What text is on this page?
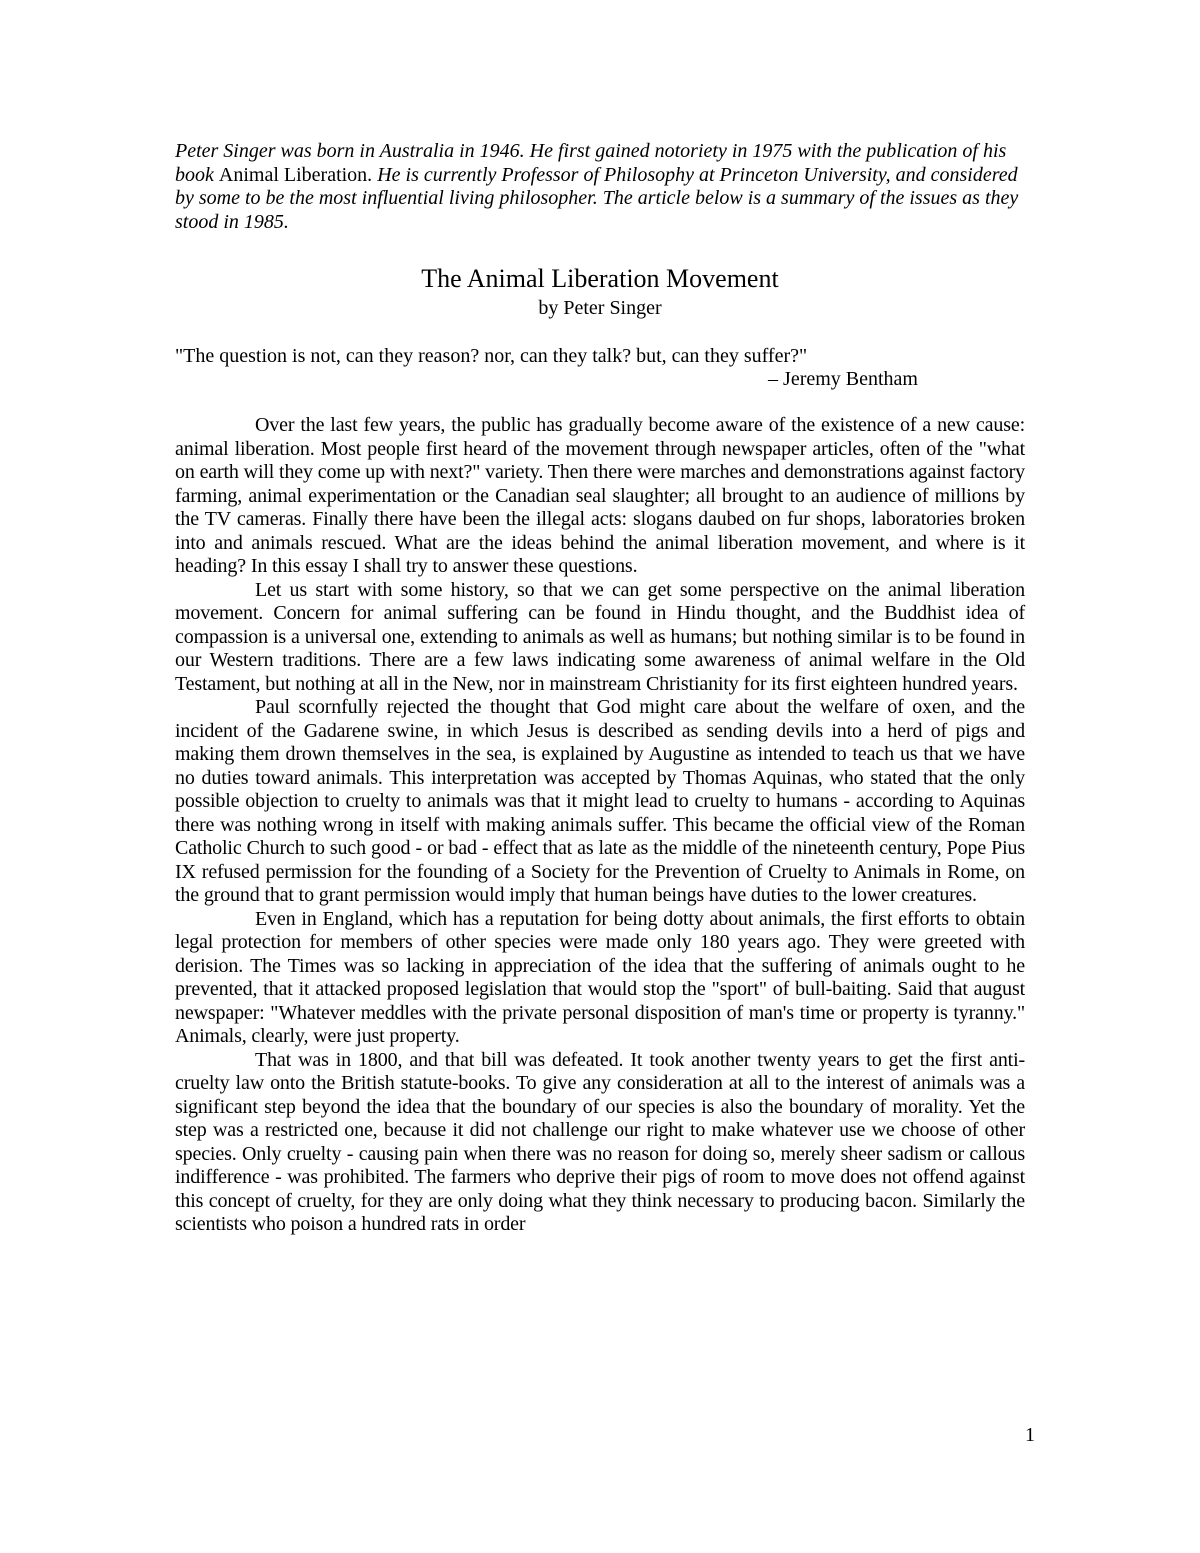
Peter Singer was born in Australia in 1946. He first gained notoriety in 1975 with the publication of his book Animal Liberation. He is currently Professor of Philosophy at Princeton University, and considered by some to be the most influential living philosopher. The article below is a summary of the issues as they stood in 1985.
The Animal Liberation Movement
by Peter Singer
"The question is not, can they reason? nor, can they talk? but, can they suffer?"
– Jeremy Bentham

Over the last few years, the public has gradually become aware of the existence of a new cause: animal liberation. Most people first heard of the movement through newspaper articles, often of the "what on earth will they come up with next?" variety. Then there were marches and demonstrations against factory farming, animal experimentation or the Canadian seal slaughter; all brought to an audience of millions by the TV cameras. Finally there have been the illegal acts: slogans daubed on fur shops, laboratories broken into and animals rescued. What are the ideas behind the animal liberation movement, and where is it heading? In this essay I shall try to answer these questions.

Let us start with some history, so that we can get some perspective on the animal liberation movement. Concern for animal suffering can be found in Hindu thought, and the Buddhist idea of compassion is a universal one, extending to animals as well as humans; but nothing similar is to be found in our Western traditions. There are a few laws indicating some awareness of animal welfare in the Old Testament, but nothing at all in the New, nor in mainstream Christianity for its first eighteen hundred years.

Paul scornfully rejected the thought that God might care about the welfare of oxen, and the incident of the Gadarene swine, in which Jesus is described as sending devils into a herd of pigs and making them drown themselves in the sea, is explained by Augustine as intended to teach us that we have no duties toward animals. This interpretation was accepted by Thomas Aquinas, who stated that the only possible objection to cruelty to animals was that it might lead to cruelty to humans - according to Aquinas there was nothing wrong in itself with making animals suffer. This became the official view of the Roman Catholic Church to such good - or bad - effect that as late as the middle of the nineteenth century, Pope Pius IX refused permission for the founding of a Society for the Prevention of Cruelty to Animals in Rome, on the ground that to grant permission would imply that human beings have duties to the lower creatures.

Even in England, which has a reputation for being dotty about animals, the first efforts to obtain legal protection for members of other species were made only 180 years ago. They were greeted with derision. The Times was so lacking in appreciation of the idea that the suffering of animals ought to he prevented, that it attacked proposed legislation that would stop the "sport" of bull-baiting. Said that august newspaper: "Whatever meddles with the private personal disposition of man's time or property is tyranny." Animals, clearly, were just property.

That was in 1800, and that bill was defeated. It took another twenty years to get the first anti-cruelty law onto the British statute-books. To give any consideration at all to the interest of animals was a significant step beyond the idea that the boundary of our species is also the boundary of morality. Yet the step was a restricted one, because it did not challenge our right to make whatever use we choose of other species. Only cruelty - causing pain when there was no reason for doing so, merely sheer sadism or callous indifference - was prohibited. The farmers who deprive their pigs of room to move does not offend against this concept of cruelty, for they are only doing what they think necessary to producing bacon. Similarly the scientists who poison a hundred rats in order

1
